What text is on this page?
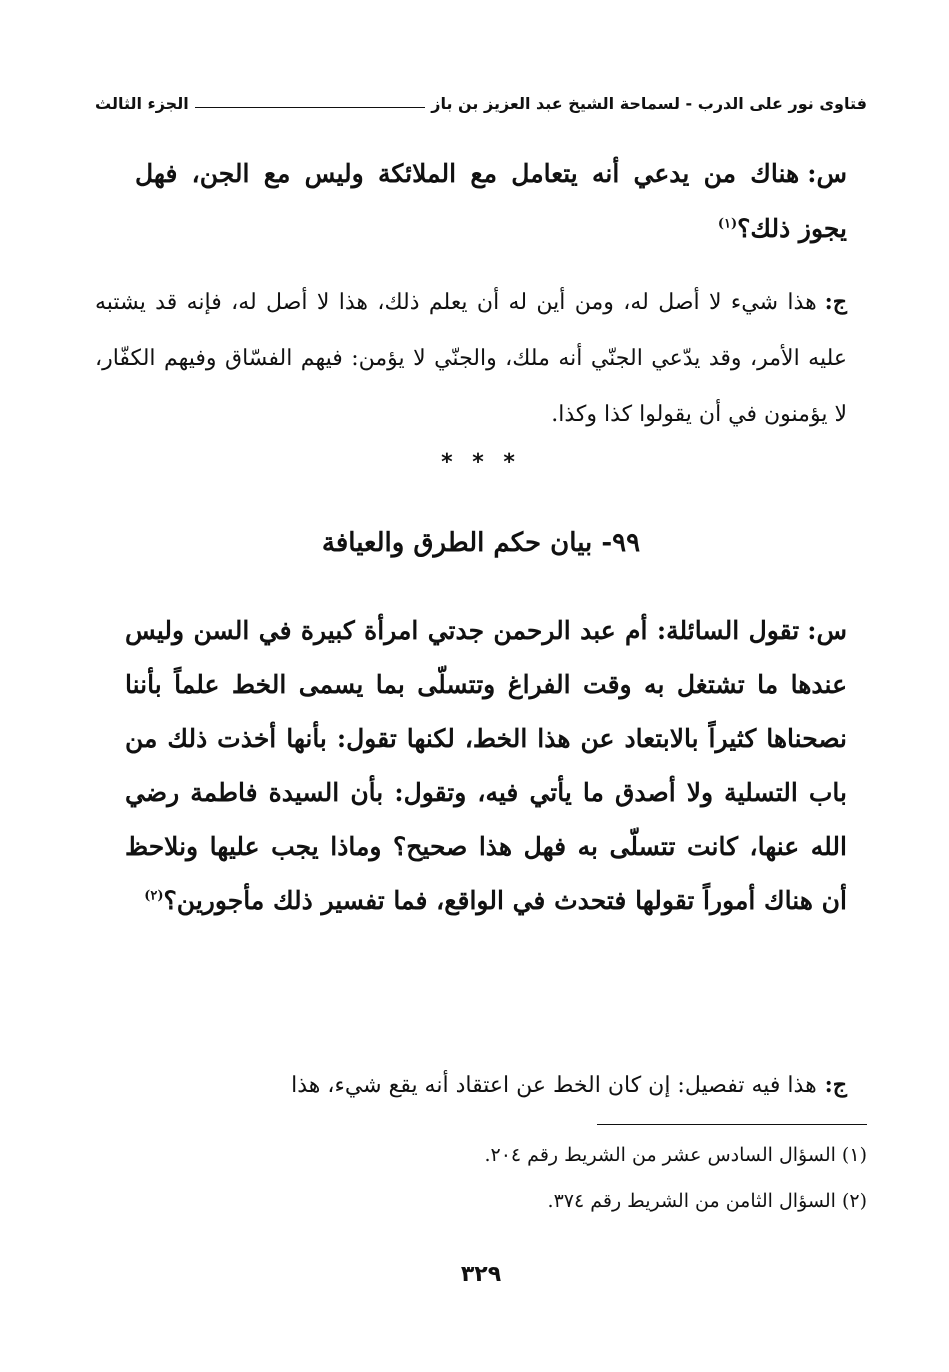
فتاوى نور على الدرب - لسماحة الشيخ عبد العزيز بن باز
الجزء الثالث
س:هناك من يدعي أنه يتعامل مع الملائكة وليس مع الجن، فهل يجوز ذلك؟$^{(١)}$
ج:هذا شيء لا أصل له، ومن أين له أن يعلم ذلك، هذا لا أصل له، فإنه قد يشتبه عليه الأمر، وقد يدّعي الجنّي أنه ملك، والجنّي لا يؤمن: فيهم الفسّاق وفيهم الكفّار، لا يؤمنون في أن يقولوا كذا وكذا.
* * *
٩٩- بيان حكم الطرق والعيافة
س:تقول السائلة: أم عبد الرحمن جدتي امرأة كبيرة في السن وليس عندها ما تشتغل به وقت الفراغ وتتسلّى بما يسمى الخط علماً بأننا نصحناها كثيراً بالابتعاد عن هذا الخط، لكنها تقول: بأنها أخذت ذلك من باب التسلية ولا أصدق ما يأتي فيه، وتقول: بأن السيدة فاطمة رضي الله عنها، كانت تتسلّى به فهل هذا صحيح؟ وماذا يجب عليها ونلاحظ أن هناك أموراً تقولها فتحدث في الواقع، فما تفسير ذلك مأجورين؟$^{(٢)}$
ج:هذا فيه تفصيل: إن كان الخط عن اعتقاد أنه يقع شيء، هذا
(١) السؤال السادس عشر من الشريط رقم ٢٠٤.
(٢) السؤال الثامن من الشريط رقم ٣٧٤.
٣٢٩
